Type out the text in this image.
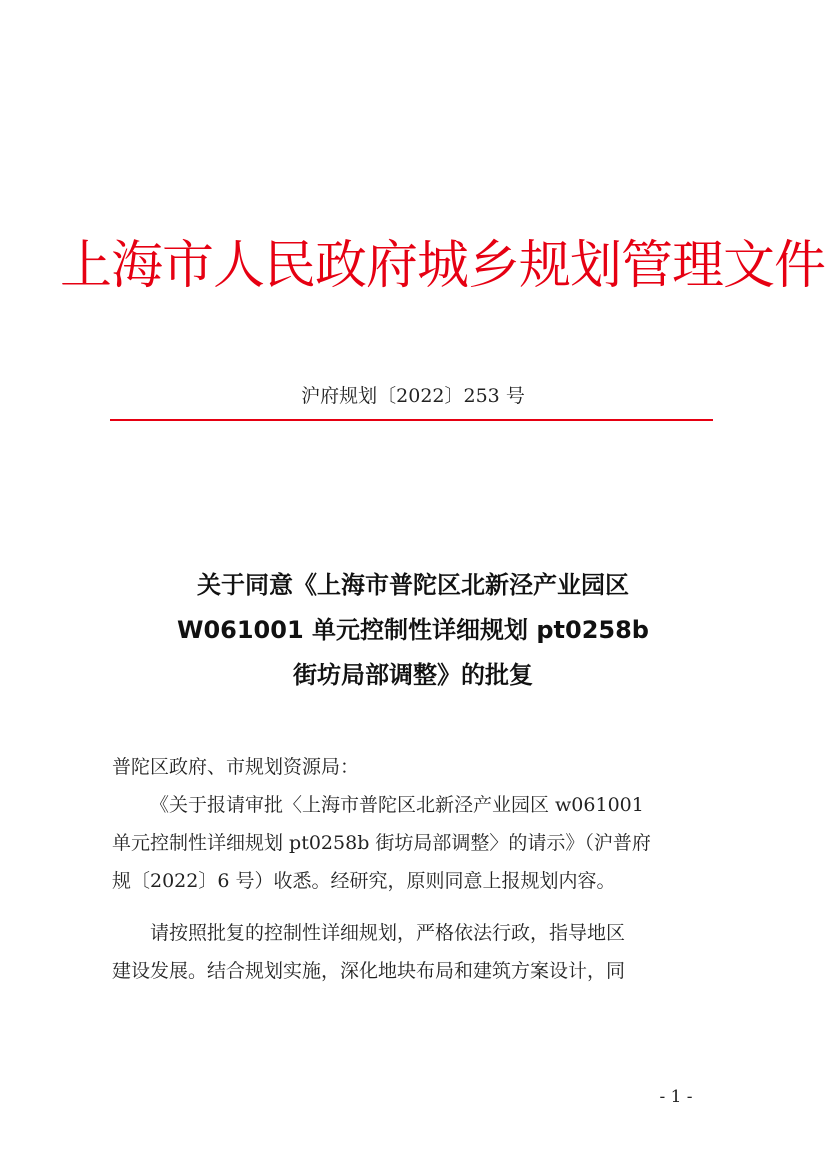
上海市人民政府城乡规划管理文件
沪府规划〔2022〕253 号
关于同意《上海市普陀区北新泾产业园区
W061001 单元控制性详细规划 pt0258b
街坊局部调整》的批复
普陀区政府、市规划资源局：
《关于报请审批〈上海市普陀区北新泾产业园区 w061001
单元控制性详细规划 pt0258b 街坊局部调整〉的请示》（沪普府
规〔2022〕6 号）收悉。经研究，原则同意上报规划内容。
请按照批复的控制性详细规划，严格依法行政，指导地区
建设发展。结合规划实施，深化地块布局和建筑方案设计，同
- 1 -
